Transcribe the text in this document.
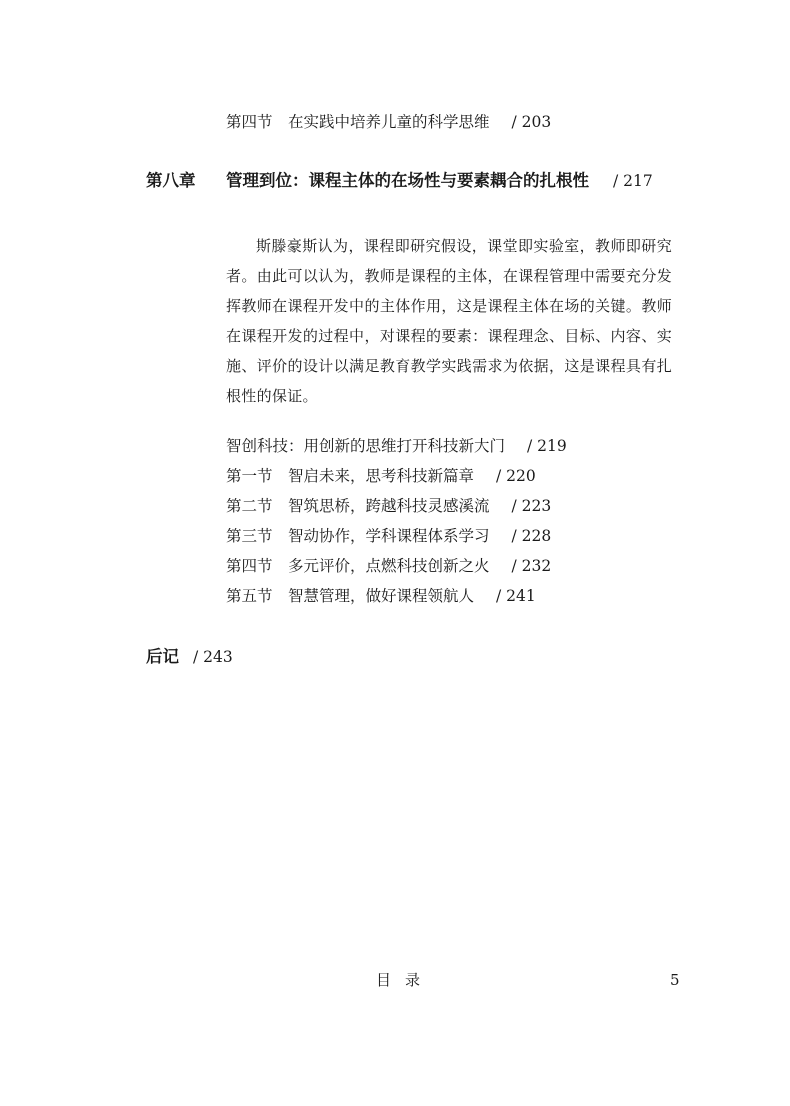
第四节 在实践中培养儿童的科学思维 / 203
第八章	管理到位：课程主体的在场性与要素耦合的扎根性 / 217

斯滕豪斯认为，课程即研究假设，课堂即实验室，教师即研究者。由此可以认为，教师是课程的主体，在课程管理中需要充分发挥教师在课程开发中的主体作用，这是课程主体在场的关键。教师在课程开发的过程中，对课程的要素：课程理念、目标、内容、实施、评价的设计以满足教育教学实践需求为依据，这是课程具有扎根性的保证。

智创科技：用创新的思维打开科技新大门 / 219
第一节 智启未来，思考科技新篇章 / 220
第二节 智筑思桥，跨越科技灵感溪流 / 223
第三节 智动协作，学科课程体系学习 / 228
第四节 多元评价，点燃科技创新之火 / 232
第五节 智慧管理，做好课程领航人 / 241
后记 / 243
目录	5
